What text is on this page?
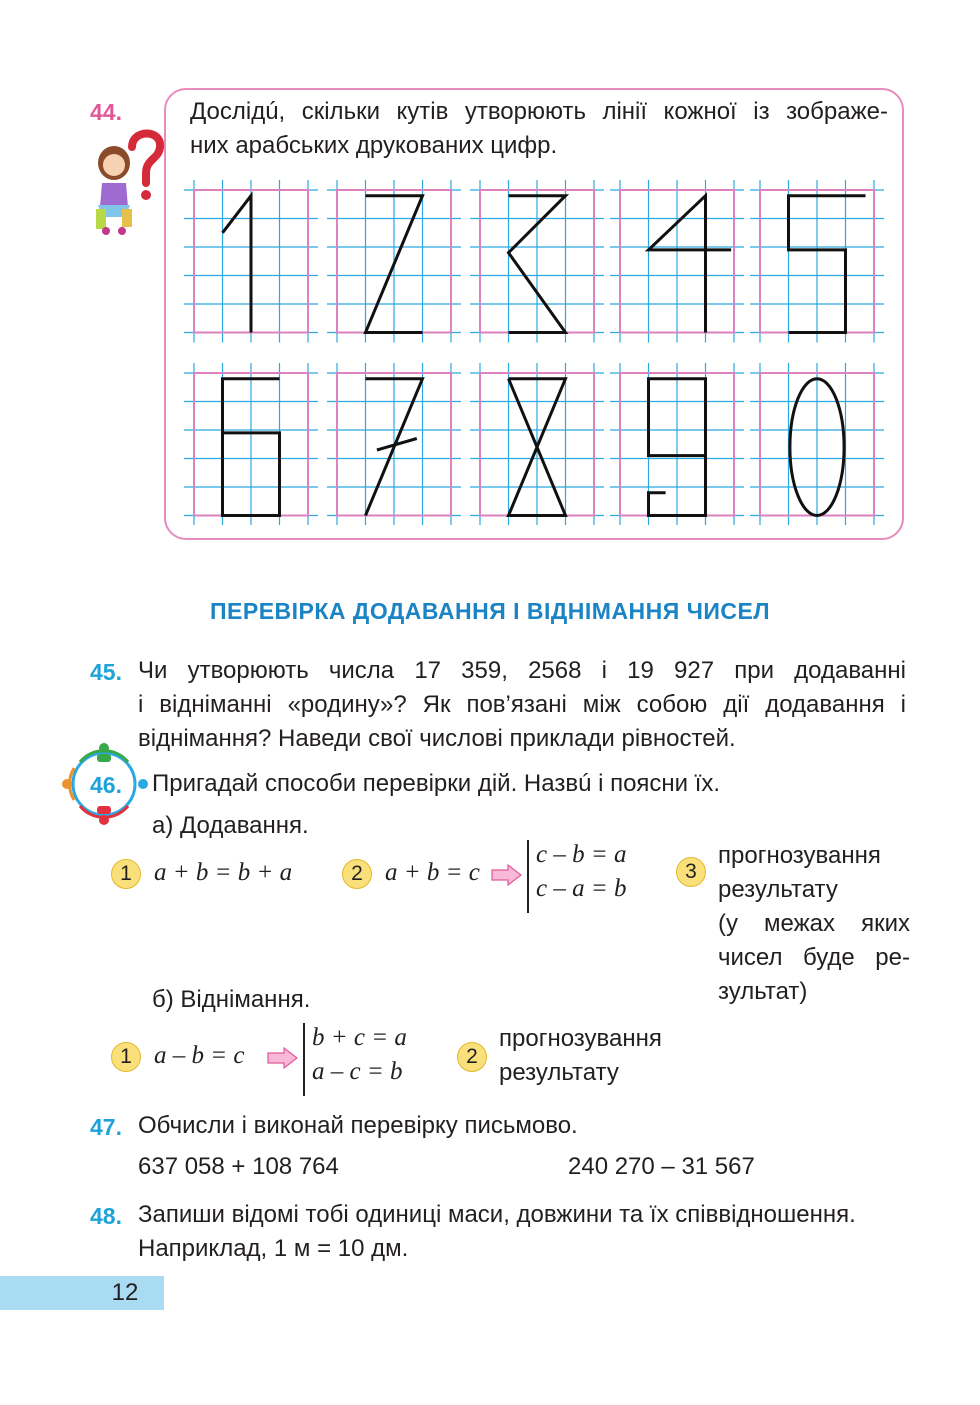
44.	Дослідú, скільки кутів утворюють лінії кожної із зображе-
них арабських друкованих цифр.
ПЕРЕВІРКА ДОДАВАННЯ І ВІДНІМАННЯ ЧИСЕЛ
45. Чи утворюють числа 17 359, 2568 і 19 927 при додаванні
і відніманні «родину»? Як пов’язані між собою дії додавання і
віднімання? Наведи свої числові приклади рівностей.
46. Пригадай способи перевірки дій. Назвú і поясни їх.
а) Додавання.
1 a + b = b + a	2 a + b = c
c – b = a
c – a = b
3
прогнозування
результату
(у межах яких
чисел буде ре-
зультат)
б) Віднімання.
1 a – b = c
b + c = a
a – c = b
2
прогнозування
результату
47. Обчисли і виконай перевірку письмово.
637 058 + 108 764	240 270 – 31 567
48. Запиши відомі тобі одиниці маси, довжини та їх співвідношення.
Наприклад, 1 м = 10 дм.
12
